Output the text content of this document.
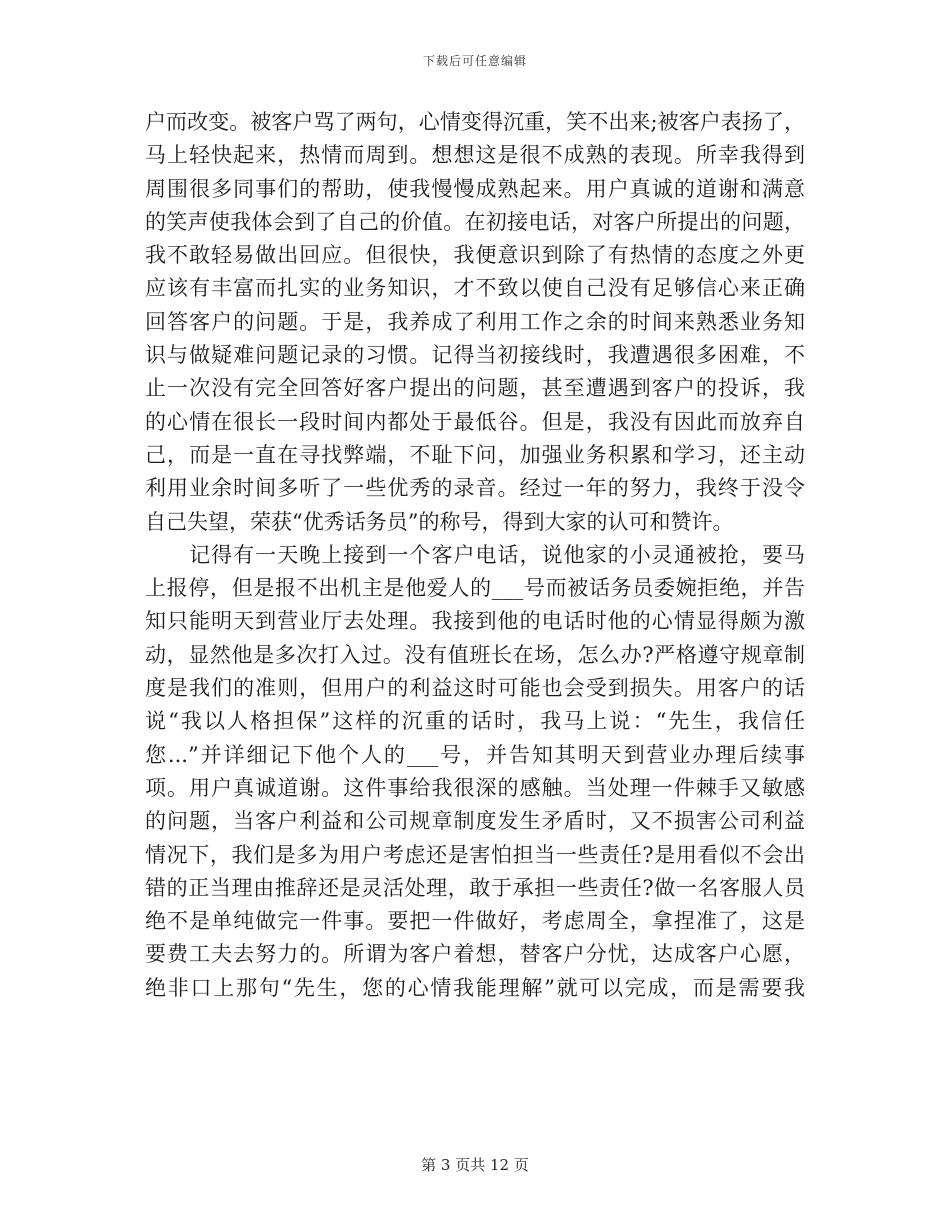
下载后可任意编辑
户而改变。被客户骂了两句，心情变得沉重，笑不出来;被客户表扬了，
马上轻快起来，热情而周到。想想这是很不成熟的表现。所幸我得到
周围很多同事们的帮助，使我慢慢成熟起来。用户真诚的道谢和满意
的笑声使我体会到了自己的价值。在初接电话，对客户所提出的问题，
我不敢轻易做出回应。但很快，我便意识到除了有热情的态度之外更
应该有丰富而扎实的业务知识，才不致以使自己没有足够信心来正确
回答客户的问题。于是，我养成了利用工作之余的时间来熟悉业务知
识与做疑难问题记录的习惯。记得当初接线时，我遭遇很多困难，不
止一次没有完全回答好客户提出的问题，甚至遭遇到客户的投诉，我
的心情在很长一段时间内都处于最低谷。但是，我没有因此而放弃自
己，而是一直在寻找弊端，不耻下问，加强业务积累和学习，还主动
利用业余时间多听了一些优秀的录音。经过一年的努力，我终于没令
自己失望，荣获“优秀话务员”的称号，得到大家的认可和赞许。
　　记得有一天晚上接到一个客户电话，说他家的小灵通被抢，要马
上报停，但是报不出机主是他爱人的___号而被话务员委婉拒绝，并告
知只能明天到营业厅去处理。我接到他的电话时他的心情显得颇为激
动，显然他是多次打入过。没有值班长在场，怎么办?严格遵守规章制
度是我们的准则，但用户的利益这时可能也会受到损失。用客户的话
说“我以人格担保”这样的沉重的话时，我马上说：“先生，我信任
您...”并详细记下他个人的___号，并告知其明天到营业办理后续事
项。用户真诚道谢。这件事给我很深的感触。当处理一件棘手又敏感
的问题，当客户利益和公司规章制度发生矛盾时，又不损害公司利益
情况下，我们是多为用户考虑还是害怕担当一些责任?是用看似不会出
错的正当理由推辞还是灵活处理，敢于承担一些责任?做一名客服人员
绝不是单纯做完一件事。要把一件做好，考虑周全，拿捏准了，这是
要费工夫去努力的。所谓为客户着想，替客户分忧，达成客户心愿，
绝非口上那句“先生，您的心情我能理解”就可以完成，而是需要我
第 3 页共 12 页
